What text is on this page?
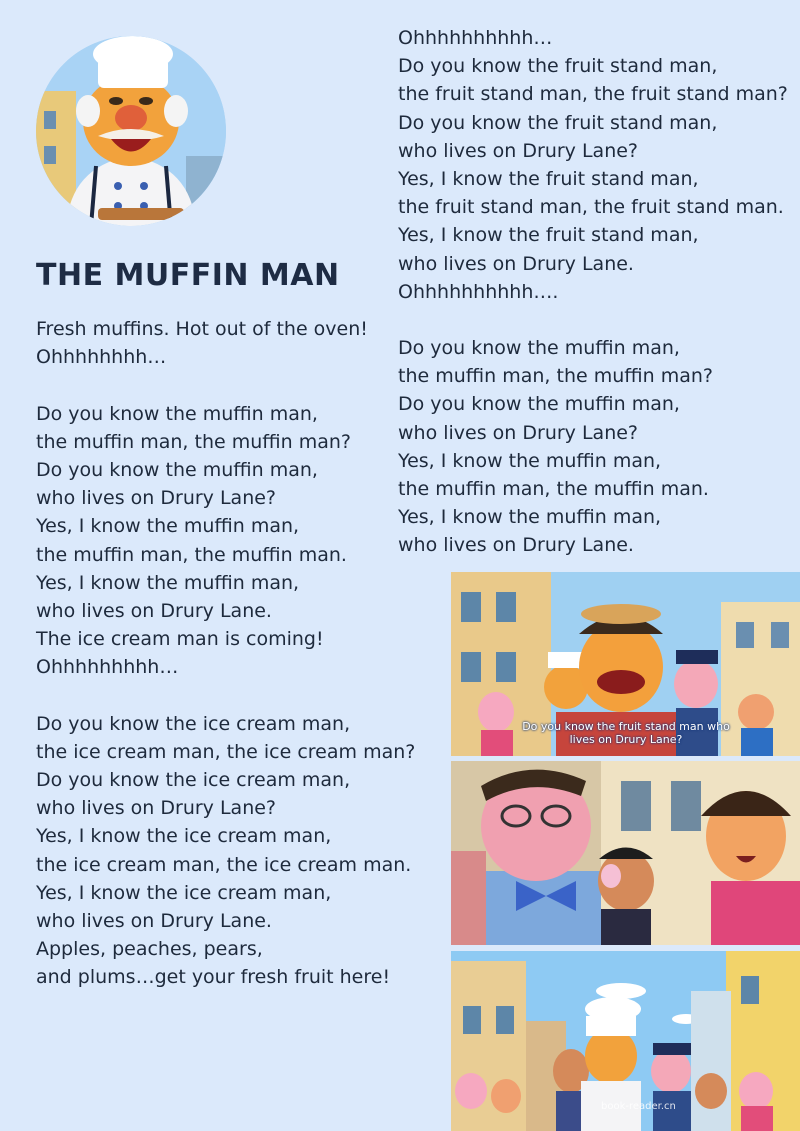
THE MUFFIN MAN
Fresh muffins. Hot out of the oven!
Ohhhhhhhh…
Do you know the muffin man,
the muffin man, the muffin man?
Do you know the muffin man,
who lives on Drury Lane?
Yes, I know the muffin man,
the muffin man, the muffin man.
Yes, I know the muffin man,
who lives on Drury Lane.
The ice cream man is coming!
Ohhhhhhhhh…
Do you know the ice cream man,
the ice cream man, the ice cream man?
Do you know the ice cream man,
who lives on Drury Lane?
Yes, I know the ice cream man,
the ice cream man, the ice cream man.
Yes, I know the ice cream man,
who lives on Drury Lane.
Apples, peaches, pears,
and plums…get your fresh fruit here!
Ohhhhhhhhhh…
Do you know the fruit stand man,
the fruit stand man, the fruit stand man?
Do you know the fruit stand man,
who lives on Drury Lane?
Yes, I know the fruit stand man,
the fruit stand man, the fruit stand man.
Yes, I know the fruit stand man,
who lives on Drury Lane.
Ohhhhhhhhhh….
Do you know the muffin man,
the muffin man, the muffin man?
Do you know the muffin man,
who lives on Drury Lane?
Yes, I know the muffin man,
the muffin man, the muffin man.
Yes, I know the muffin man,
who lives on Drury Lane.
Do you know the fruit stand man who
lives on Drury Lane?
book-reader.cn
